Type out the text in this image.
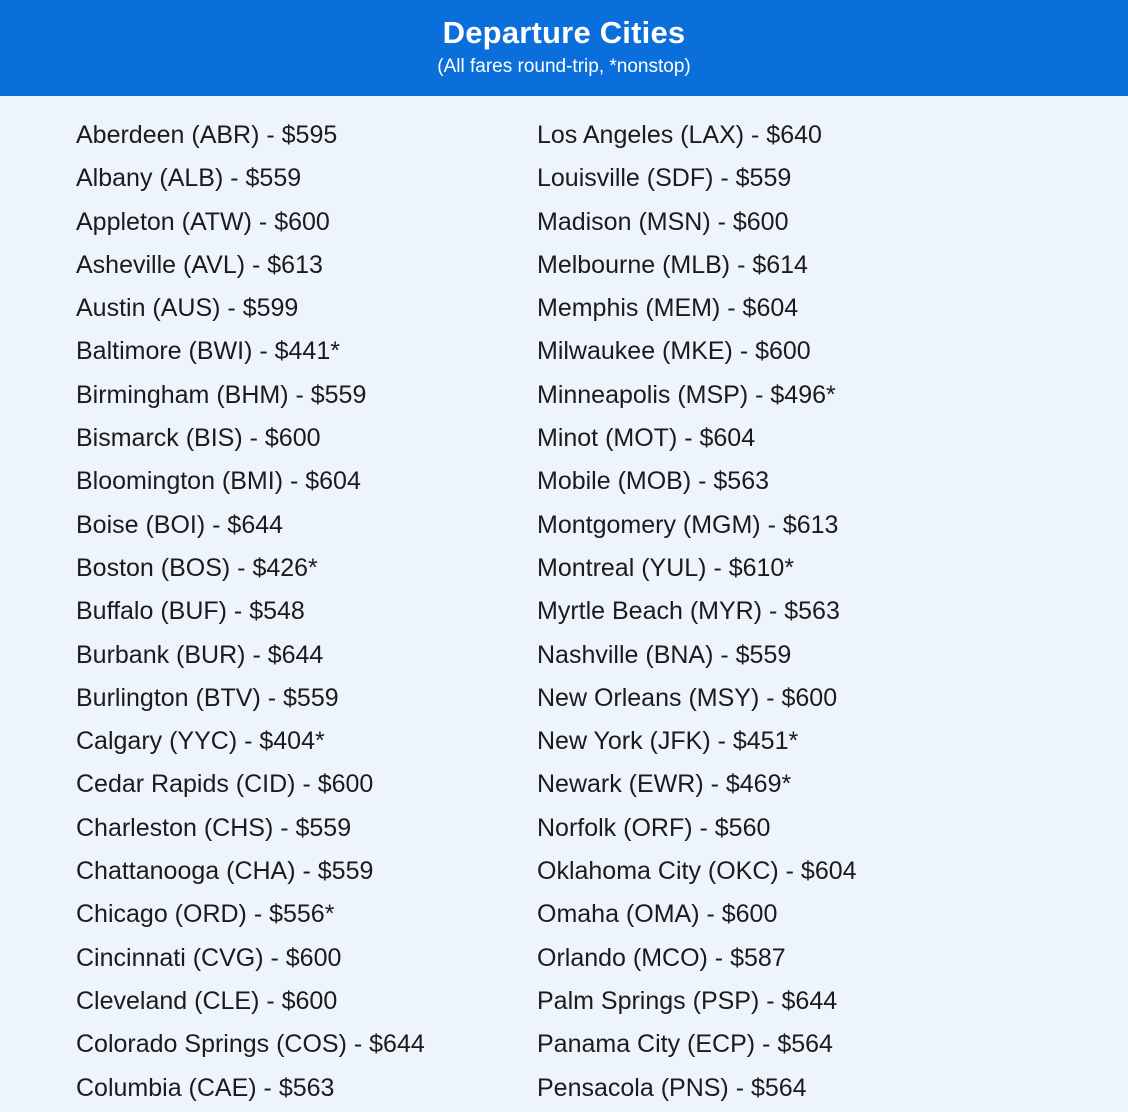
Departure Cities
(All fares round-trip, *nonstop)
Aberdeen (ABR) - $595
Albany (ALB) - $559
Appleton (ATW) - $600
Asheville (AVL) - $613
Austin (AUS) - $599
Baltimore (BWI) - $441*
Birmingham (BHM) - $559
Bismarck (BIS) - $600
Bloomington (BMI) - $604
Boise (BOI) - $644
Boston (BOS) - $426*
Buffalo (BUF) - $548
Burbank (BUR) - $644
Burlington (BTV) - $559
Calgary (YYC) - $404*
Cedar Rapids (CID) - $600
Charleston (CHS) - $559
Chattanooga (CHA) - $559
Chicago (ORD) - $556*
Cincinnati (CVG) - $600
Cleveland (CLE) - $600
Colorado Springs (COS) - $644
Columbia (CAE) - $563
Los Angeles (LAX) - $640
Louisville (SDF) - $559
Madison (MSN) - $600
Melbourne (MLB) - $614
Memphis (MEM) - $604
Milwaukee (MKE) - $600
Minneapolis (MSP) - $496*
Minot (MOT) - $604
Mobile (MOB) - $563
Montgomery (MGM) - $613
Montreal (YUL) - $610*
Myrtle Beach (MYR) - $563
Nashville (BNA) - $559
New Orleans (MSY) - $600
New York (JFK) - $451*
Newark (EWR) - $469*
Norfolk (ORF) - $560
Oklahoma City (OKC) - $604
Omaha (OMA) - $600
Orlando (MCO) - $587
Palm Springs (PSP) - $644
Panama City (ECP) - $564
Pensacola (PNS) - $564
